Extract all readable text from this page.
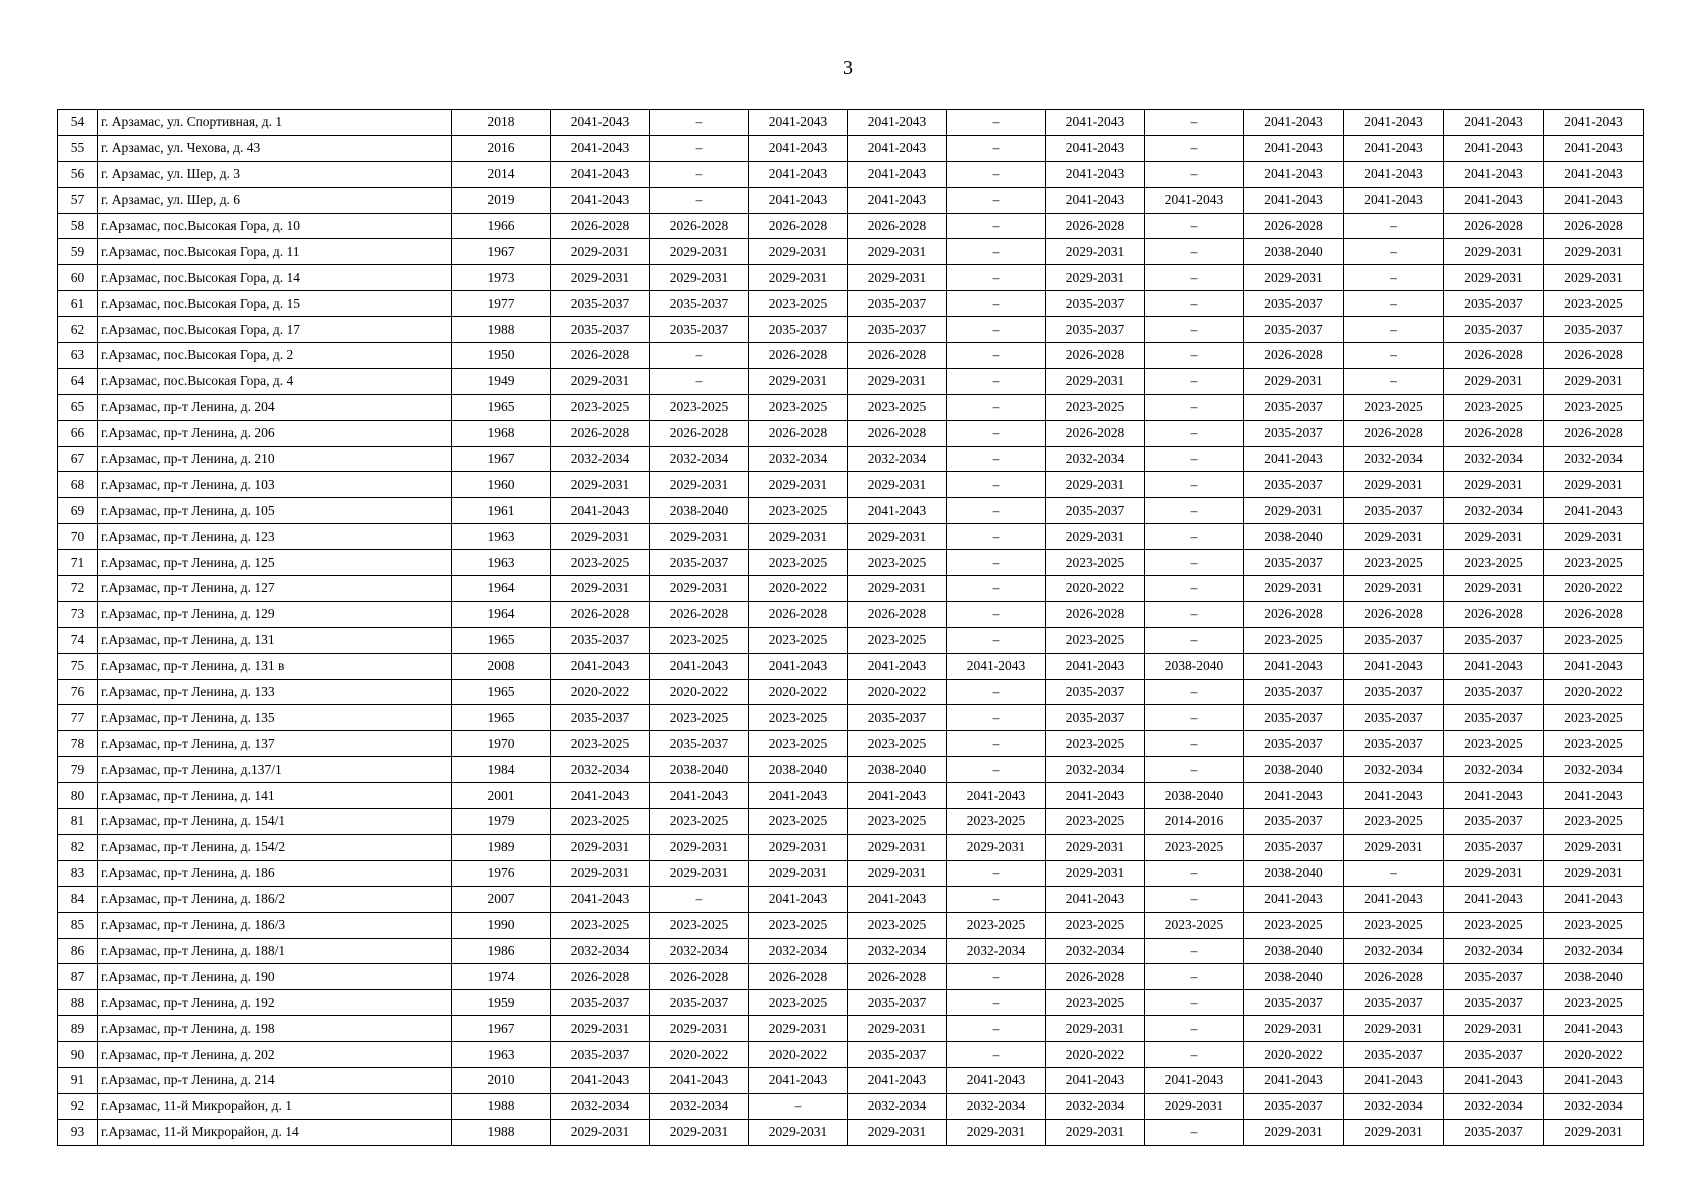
3
54	г. Арзамас, ул. Спортивная, д. 1	2018	2041-2043	–	2041-2043	2041-2043	–	2041-2043	–	2041-2043	2041-2043	2041-2043	2041-2043
55	г. Арзамас, ул. Чехова, д. 43	2016	2041-2043	–	2041-2043	2041-2043	–	2041-2043	–	2041-2043	2041-2043	2041-2043	2041-2043
56	г. Арзамас, ул. Шер, д. 3	2014	2041-2043	–	2041-2043	2041-2043	–	2041-2043	–	2041-2043	2041-2043	2041-2043	2041-2043
57	г. Арзамас, ул. Шер, д. 6	2019	2041-2043	–	2041-2043	2041-2043	–	2041-2043	2041-2043	2041-2043	2041-2043	2041-2043	2041-2043
58	г.Арзамас, пос.Высокая Гора, д. 10	1966	2026-2028	2026-2028	2026-2028	2026-2028	–	2026-2028	–	2026-2028	–	2026-2028	2026-2028
59	г.Арзамас, пос.Высокая Гора, д. 11	1967	2029-2031	2029-2031	2029-2031	2029-2031	–	2029-2031	–	2038-2040	–	2029-2031	2029-2031
60	г.Арзамас, пос.Высокая Гора, д. 14	1973	2029-2031	2029-2031	2029-2031	2029-2031	–	2029-2031	–	2029-2031	–	2029-2031	2029-2031
61	г.Арзамас, пос.Высокая Гора, д. 15	1977	2035-2037	2035-2037	2023-2025	2035-2037	–	2035-2037	–	2035-2037	–	2035-2037	2023-2025
62	г.Арзамас, пос.Высокая Гора, д. 17	1988	2035-2037	2035-2037	2035-2037	2035-2037	–	2035-2037	–	2035-2037	–	2035-2037	2035-2037
63	г.Арзамас, пос.Высокая Гора, д. 2	1950	2026-2028	–	2026-2028	2026-2028	–	2026-2028	–	2026-2028	–	2026-2028	2026-2028
64	г.Арзамас, пос.Высокая Гора, д. 4	1949	2029-2031	–	2029-2031	2029-2031	–	2029-2031	–	2029-2031	–	2029-2031	2029-2031
65	г.Арзамас, пр-т Ленина, д. 204	1965	2023-2025	2023-2025	2023-2025	2023-2025	–	2023-2025	–	2035-2037	2023-2025	2023-2025	2023-2025
66	г.Арзамас, пр-т Ленина, д. 206	1968	2026-2028	2026-2028	2026-2028	2026-2028	–	2026-2028	–	2035-2037	2026-2028	2026-2028	2026-2028
67	г.Арзамас, пр-т Ленина, д. 210	1967	2032-2034	2032-2034	2032-2034	2032-2034	–	2032-2034	–	2041-2043	2032-2034	2032-2034	2032-2034
68	г.Арзамас, пр-т Ленина, д. 103	1960	2029-2031	2029-2031	2029-2031	2029-2031	–	2029-2031	–	2035-2037	2029-2031	2029-2031	2029-2031
69	г.Арзамас, пр-т Ленина, д. 105	1961	2041-2043	2038-2040	2023-2025	2041-2043	–	2035-2037	–	2029-2031	2035-2037	2032-2034	2041-2043
70	г.Арзамас, пр-т Ленина, д. 123	1963	2029-2031	2029-2031	2029-2031	2029-2031	–	2029-2031	–	2038-2040	2029-2031	2029-2031	2029-2031
71	г.Арзамас, пр-т Ленина, д. 125	1963	2023-2025	2035-2037	2023-2025	2023-2025	–	2023-2025	–	2035-2037	2023-2025	2023-2025	2023-2025
72	г.Арзамас, пр-т Ленина, д. 127	1964	2029-2031	2029-2031	2020-2022	2029-2031	–	2020-2022	–	2029-2031	2029-2031	2029-2031	2020-2022
73	г.Арзамас, пр-т Ленина, д. 129	1964	2026-2028	2026-2028	2026-2028	2026-2028	–	2026-2028	–	2026-2028	2026-2028	2026-2028	2026-2028
74	г.Арзамас, пр-т Ленина, д. 131	1965	2035-2037	2023-2025	2023-2025	2023-2025	–	2023-2025	–	2023-2025	2035-2037	2035-2037	2023-2025
75	г.Арзамас, пр-т Ленина, д. 131 в	2008	2041-2043	2041-2043	2041-2043	2041-2043	2041-2043	2041-2043	2038-2040	2041-2043	2041-2043	2041-2043	2041-2043
76	г.Арзамас, пр-т Ленина, д. 133	1965	2020-2022	2020-2022	2020-2022	2020-2022	–	2035-2037	–	2035-2037	2035-2037	2035-2037	2020-2022
77	г.Арзамас, пр-т Ленина, д. 135	1965	2035-2037	2023-2025	2023-2025	2035-2037	–	2035-2037	–	2035-2037	2035-2037	2035-2037	2023-2025
78	г.Арзамас, пр-т Ленина, д. 137	1970	2023-2025	2035-2037	2023-2025	2023-2025	–	2023-2025	–	2035-2037	2035-2037	2023-2025	2023-2025
79	г.Арзамас, пр-т Ленина, д.137/1	1984	2032-2034	2038-2040	2038-2040	2038-2040	–	2032-2034	–	2038-2040	2032-2034	2032-2034	2032-2034
80	г.Арзамас, пр-т Ленина, д. 141	2001	2041-2043	2041-2043	2041-2043	2041-2043	2041-2043	2041-2043	2038-2040	2041-2043	2041-2043	2041-2043	2041-2043
81	г.Арзамас, пр-т Ленина, д. 154/1	1979	2023-2025	2023-2025	2023-2025	2023-2025	2023-2025	2023-2025	2014-2016	2035-2037	2023-2025	2035-2037	2023-2025
82	г.Арзамас, пр-т Ленина, д. 154/2	1989	2029-2031	2029-2031	2029-2031	2029-2031	2029-2031	2029-2031	2023-2025	2035-2037	2029-2031	2035-2037	2029-2031
83	г.Арзамас, пр-т Ленина, д. 186	1976	2029-2031	2029-2031	2029-2031	2029-2031	–	2029-2031	–	2038-2040	–	2029-2031	2029-2031
84	г.Арзамас, пр-т Ленина, д. 186/2	2007	2041-2043	–	2041-2043	2041-2043	–	2041-2043	–	2041-2043	2041-2043	2041-2043	2041-2043
85	г.Арзамас, пр-т Ленина, д. 186/3	1990	2023-2025	2023-2025	2023-2025	2023-2025	2023-2025	2023-2025	2023-2025	2023-2025	2023-2025	2023-2025	2023-2025
86	г.Арзамас, пр-т Ленина, д. 188/1	1986	2032-2034	2032-2034	2032-2034	2032-2034	2032-2034	2032-2034	–	2038-2040	2032-2034	2032-2034	2032-2034
87	г.Арзамас, пр-т Ленина, д. 190	1974	2026-2028	2026-2028	2026-2028	2026-2028	–	2026-2028	–	2038-2040	2026-2028	2035-2037	2038-2040
88	г.Арзамас, пр-т Ленина, д. 192	1959	2035-2037	2035-2037	2023-2025	2035-2037	–	2023-2025	–	2035-2037	2035-2037	2035-2037	2023-2025
89	г.Арзамас, пр-т Ленина, д. 198	1967	2029-2031	2029-2031	2029-2031	2029-2031	–	2029-2031	–	2029-2031	2029-2031	2029-2031	2041-2043
90	г.Арзамас, пр-т Ленина, д. 202	1963	2035-2037	2020-2022	2020-2022	2035-2037	–	2020-2022	–	2020-2022	2035-2037	2035-2037	2020-2022
91	г.Арзамас, пр-т Ленина, д. 214	2010	2041-2043	2041-2043	2041-2043	2041-2043	2041-2043	2041-2043	2041-2043	2041-2043	2041-2043	2041-2043	2041-2043
92	г.Арзамас, 11-й Микрорайон, д. 1	1988	2032-2034	2032-2034	–	2032-2034	2032-2034	2032-2034	2029-2031	2035-2037	2032-2034	2032-2034	2032-2034
93	г.Арзамас, 11-й Микрорайон, д. 14	1988	2029-2031	2029-2031	2029-2031	2029-2031	2029-2031	2029-2031	–	2029-2031	2029-2031	2035-2037	2029-2031
